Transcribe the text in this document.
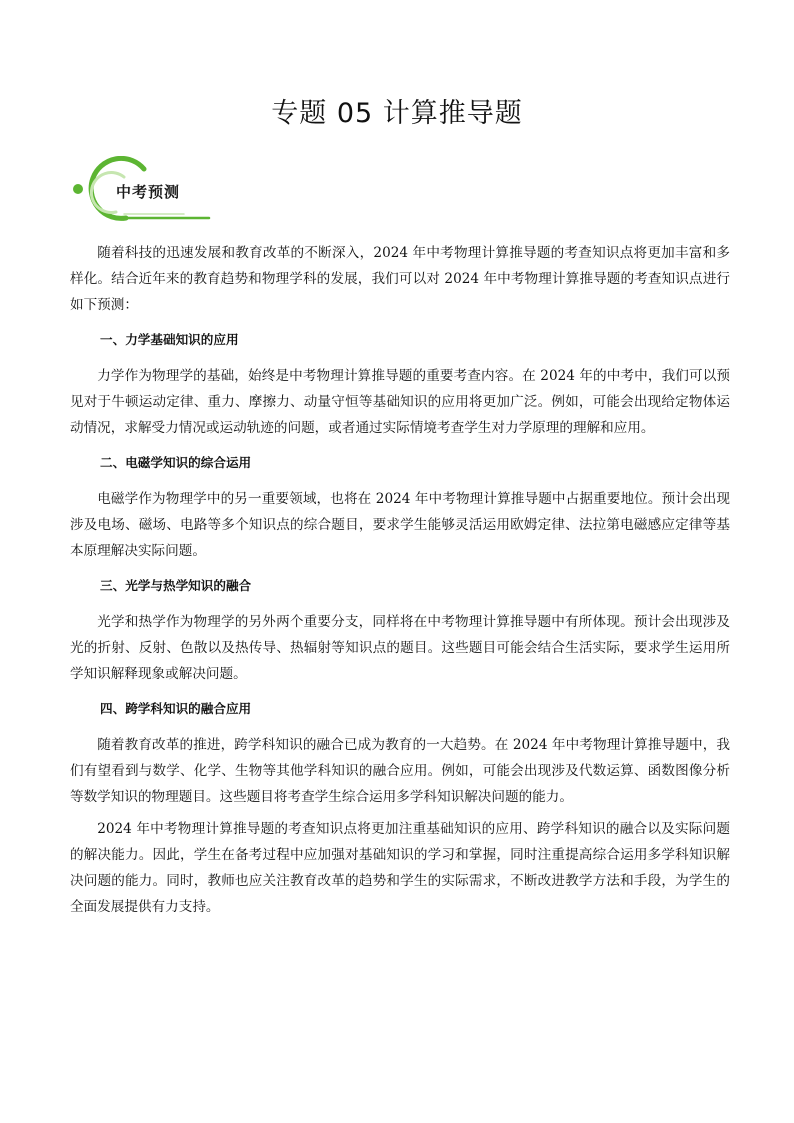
专题 05 计算推导题
中考预测

随着科技的迅速发展和教育改革的不断深入，2024 年中考物理计算推导题的考查知识点将更加丰富和多样化。结合近年来的教育趋势和物理学科的发展，我们可以对 2024 年中考物理计算推导题的考查知识点进行如下预测：

一、力学基础知识的应用

力学作为物理学的基础，始终是中考物理计算推导题的重要考查内容。在 2024 年的中考中，我们可以预见对于牛顿运动定律、重力、摩擦力、动量守恒等基础知识的应用将更加广泛。例如，可能会出现给定物体运动情况，求解受力情况或运动轨迹的问题，或者通过实际情境考查学生对力学原理的理解和应用。

二、电磁学知识的综合运用

电磁学作为物理学中的另一重要领域，也将在 2024 年中考物理计算推导题中占据重要地位。预计会出现涉及电场、磁场、电路等多个知识点的综合题目，要求学生能够灵活运用欧姆定律、法拉第电磁感应定律等基本原理解决实际问题。

三、光学与热学知识的融合

光学和热学作为物理学的另外两个重要分支，同样将在中考物理计算推导题中有所体现。预计会出现涉及光的折射、反射、色散以及热传导、热辐射等知识点的题目。这些题目可能会结合生活实际，要求学生运用所学知识解释现象或解决问题。

四、跨学科知识的融合应用

随着教育改革的推进，跨学科知识的融合已成为教育的一大趋势。在 2024 年中考物理计算推导题中，我们有望看到与数学、化学、生物等其他学科知识的融合应用。例如，可能会出现涉及代数运算、函数图像分析等数学知识的物理题目。这些题目将考查学生综合运用多学科知识解决问题的能力。

2024 年中考物理计算推导题的考查知识点将更加注重基础知识的应用、跨学科知识的融合以及实际问题的解决能力。因此，学生在备考过程中应加强对基础知识的学习和掌握，同时注重提高综合运用多学科知识解决问题的能力。同时，教师也应关注教育改革的趋势和学生的实际需求，不断改进教学方法和手段，为学生的全面发展提供有力支持。
